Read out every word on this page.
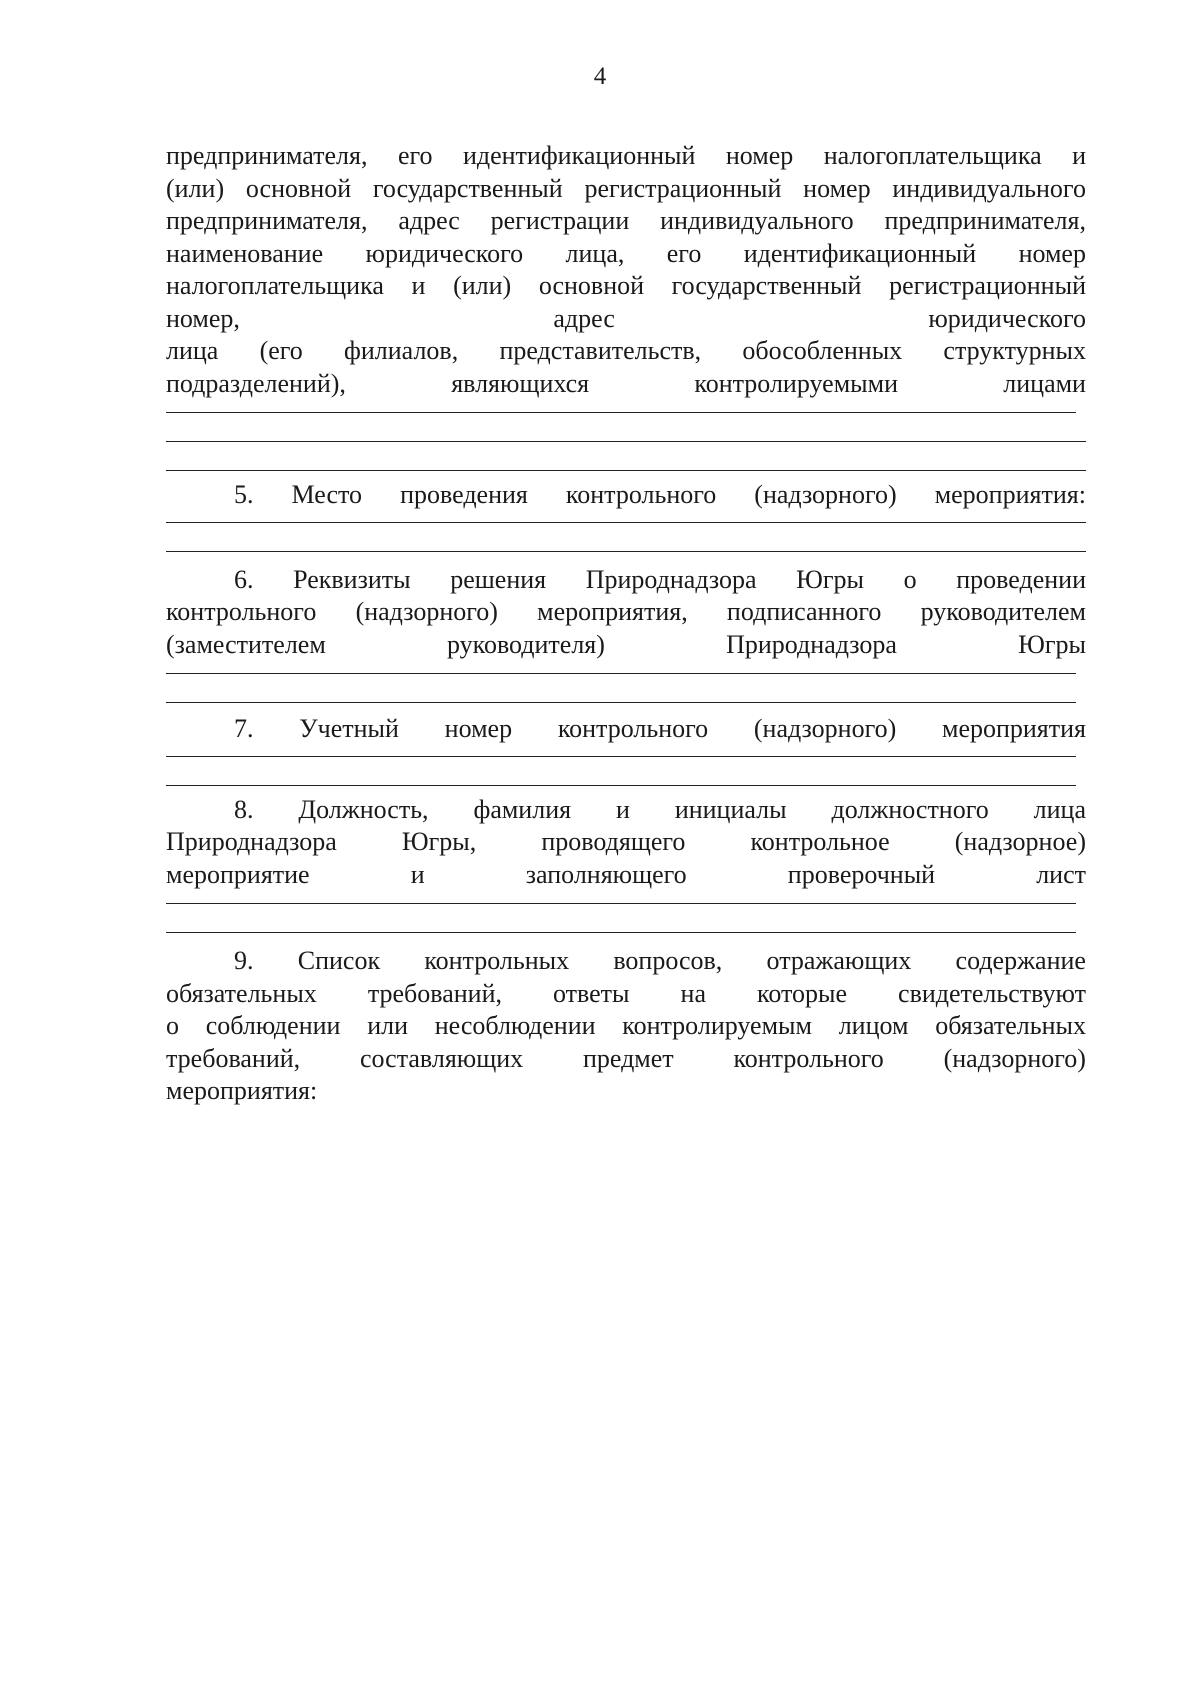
4
предпринимателя, его идентификационный номер налогоплательщика и
(или) основной государственный регистрационный номер индивидуального
предпринимателя, адрес регистрации индивидуального предпринимателя,
наименование юридического лица, его идентификационный номер
налогоплательщика и (или) основной государственный регистрационный
номер,	адрес	юридического
лица (его филиалов, представительств, обособленных структурных
подразделений),	являющихся	контролируемыми	лицами
5. Место проведения контрольного (надзорного) мероприятия:
6. Реквизиты решения Природнадзора Югры о проведении
контрольного (надзорного) мероприятия, подписанного руководителем
(заместителем	руководителя)	Природнадзора	Югры
7. Учетный номер контрольного (надзорного) мероприятия
8. Должность, фамилия и инициалы должностного лица
Природнадзора	Югры,	проводящего	контрольное	(надзорное)
мероприятие	и	заполняющего	проверочный	лист
9. Список контрольных вопросов, отражающих содержание
обязательных требований, ответы на которые свидетельствуют
о соблюдении или несоблюдении контролируемым лицом обязательных
требований, составляющих предмет контрольного (надзорного)
мероприятия:
